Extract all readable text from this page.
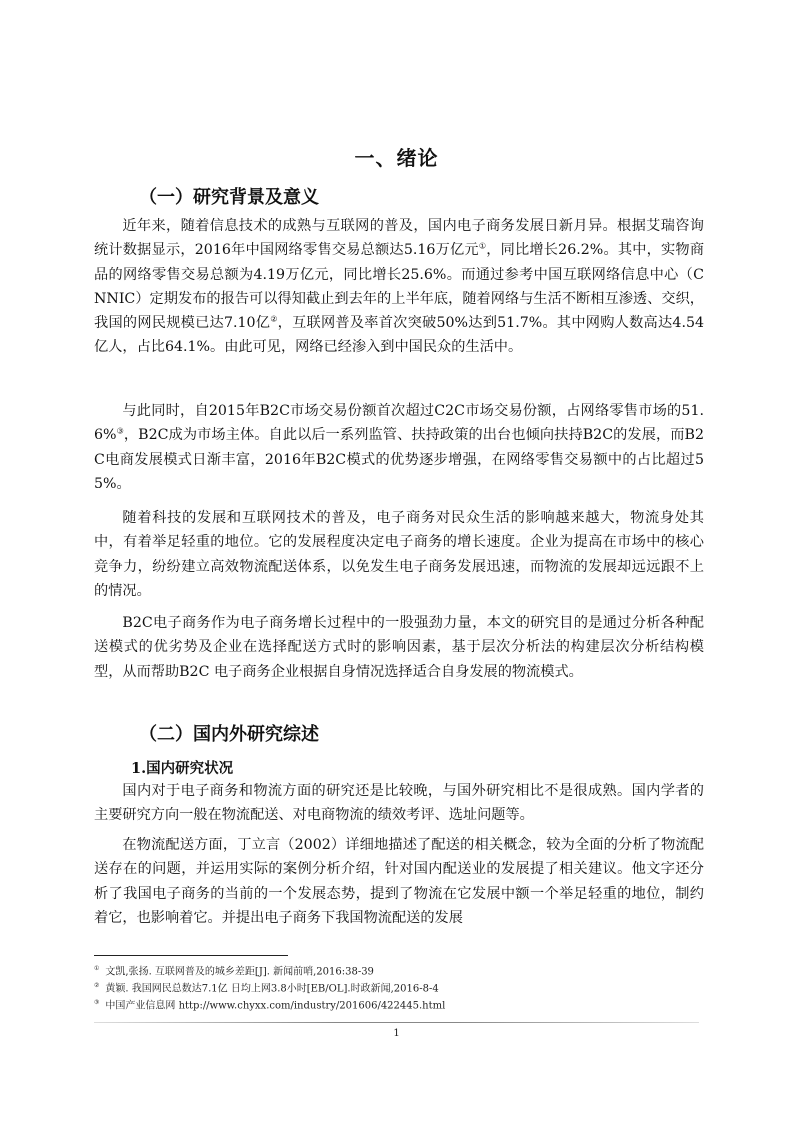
一、绪论
（一）研究背景及意义

近年来，随着信息技术的成熟与互联网的普及，国内电子商务发展日新月异。根据艾瑞咨询统计数据显示，2016年中国网络零售交易总额达5.16万亿元①，同比增长26.2%。其中，实物商品的网络零售交易总额为4.19万亿元，同比增长25.6%。而通过参考中国互联网络信息中心（CNNIC）定期发布的报告可以得知截止到去年的上半年底，随着网络与生活不断相互渗透、交织，我国的网民规模已达7.10亿②，互联网普及率首次突破50%达到51.7%。其中网购人数高达4.54亿人，占比64.1%。由此可见，网络已经渗入到中国民众的生活中。

与此同时，自2015年B2C市场交易份额首次超过C2C市场交易份额，占网络零售市场的51.6%③，B2C成为市场主体。自此以后一系列监管、扶持政策的出台也倾向扶持B2C的发展，而B2C电商发展模式日渐丰富，2016年B2C模式的优势逐步增强，在网络零售交易额中的占比超过55%。

随着科技的发展和互联网技术的普及，电子商务对民众生活的影响越来越大，物流身处其中，有着举足轻重的地位。它的发展程度决定电子商务的增长速度。企业为提高在市场中的核心竞争力，纷纷建立高效物流配送体系，以免发生电子商务发展迅速，而物流的发展却远远跟不上的情况。

B2C电子商务作为电子商务增长过程中的一股强劲力量，本文的研究目的是通过分析各种配送模式的优劣势及企业在选择配送方式时的影响因素，基于层次分析法的构建层次分析结构模型，从而帮助B2C 电子商务企业根据自身情况选择适合自身发展的物流模式。

（二）国内外研究综述
1.国内研究状况

国内对于电子商务和物流方面的研究还是比较晚，与国外研究相比不是很成熟。国内学者的主要研究方向一般在物流配送、对电商物流的绩效考评、选址问题等。

在物流配送方面，丁立言（2002）详细地描述了配送的相关概念，较为全面的分析了物流配送存在的问题，并运用实际的案例分析介绍，针对国内配送业的发展提了相关建议。他文字还分析了我国电子商务的当前的一个发展态势，提到了物流在它发展中额一个举足轻重的地位，制约着它，也影响着它。并提出电子商务下我国物流配送的发展

① 文凯,张扬. 互联网普及的城乡差距[J]. 新闻前哨,2016:38-39
② 黄颖. 我国网民总数达7.1亿 日均上网3.8小时[EB/OL].时政新闻,2016-8-4
③ 中国产业信息网 http://www.chyxx.com/industry/201606/422445.html
1
